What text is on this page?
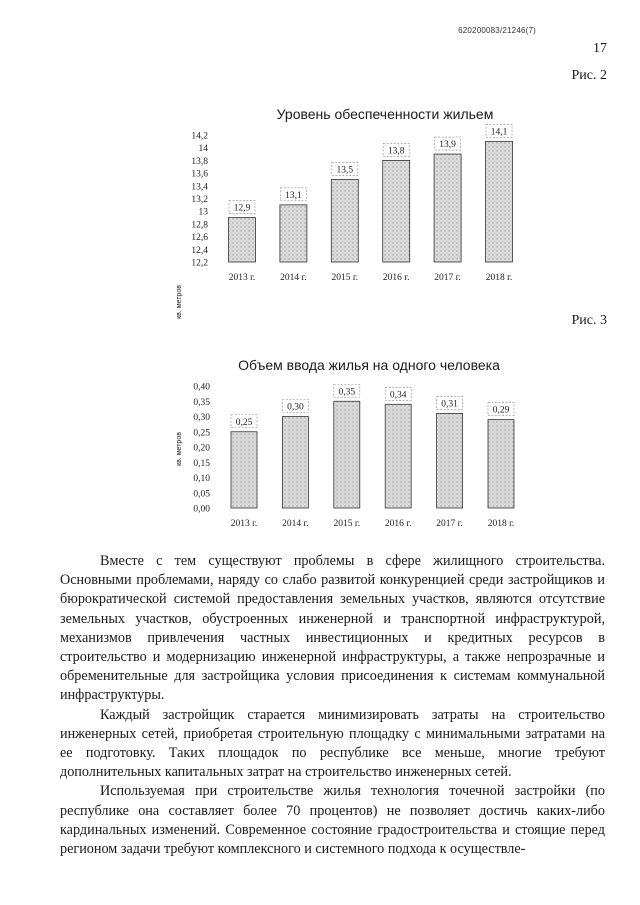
620200083/21246(7)
17
Рис. 2
Уровень обеспеченности жильем
кв. метров
12,2
12,4
12,6
12,8
13
13,2
13,4
13,6
13,8
14
14,2
12,9
2013 г.
13,1
2014 г.
13,5
2015 г.
13,8
2016 г.
13,9
2017 г.
14,1
2018 г.
Рис. 3
Объем ввода жилья на одного человека
кв. метров
0,00
0,05
0,10
0,15
0,20
0,25
0,30
0,35
0,40
0,25
2013 г.
0,30
2014 г.
0,35
2015 г.
0,34
2016 г.
0,31
2017 г.
0,29
2018 г.

Вместе с тем существуют проблемы в сфере жилищного строительства. Основными проблемами, наряду со слабо развитой конкуренцией среди застройщиков и бюрократической системой предоставления земельных участков, являются отсутствие земельных участков, обустроенных инженерной и транспортной инфраструктурой, механизмов привлечения частных инвестиционных и кредитных ресурсов в строительство и модернизацию инженерной инфраструктуры, а также непрозрачные и обременительные для застройщика условия присоединения к системам коммунальной инфраструктуры.

Каждый застройщик старается минимизировать затраты на строительство инженерных сетей, приобретая строительную площадку с минимальными затратами на ее подготовку. Таких площадок по республике все меньше, многие требуют дополнительных капитальных затрат на строительство инженерных сетей.

Используемая при строительстве жилья технология точечной застройки (по республике она составляет более 70 процентов) не позволяет достичь каких-либо кардинальных изменений. Современное состояние градостроительства и стоящие перед регионом задачи требуют комплексного и системного подхода к осуществле-
